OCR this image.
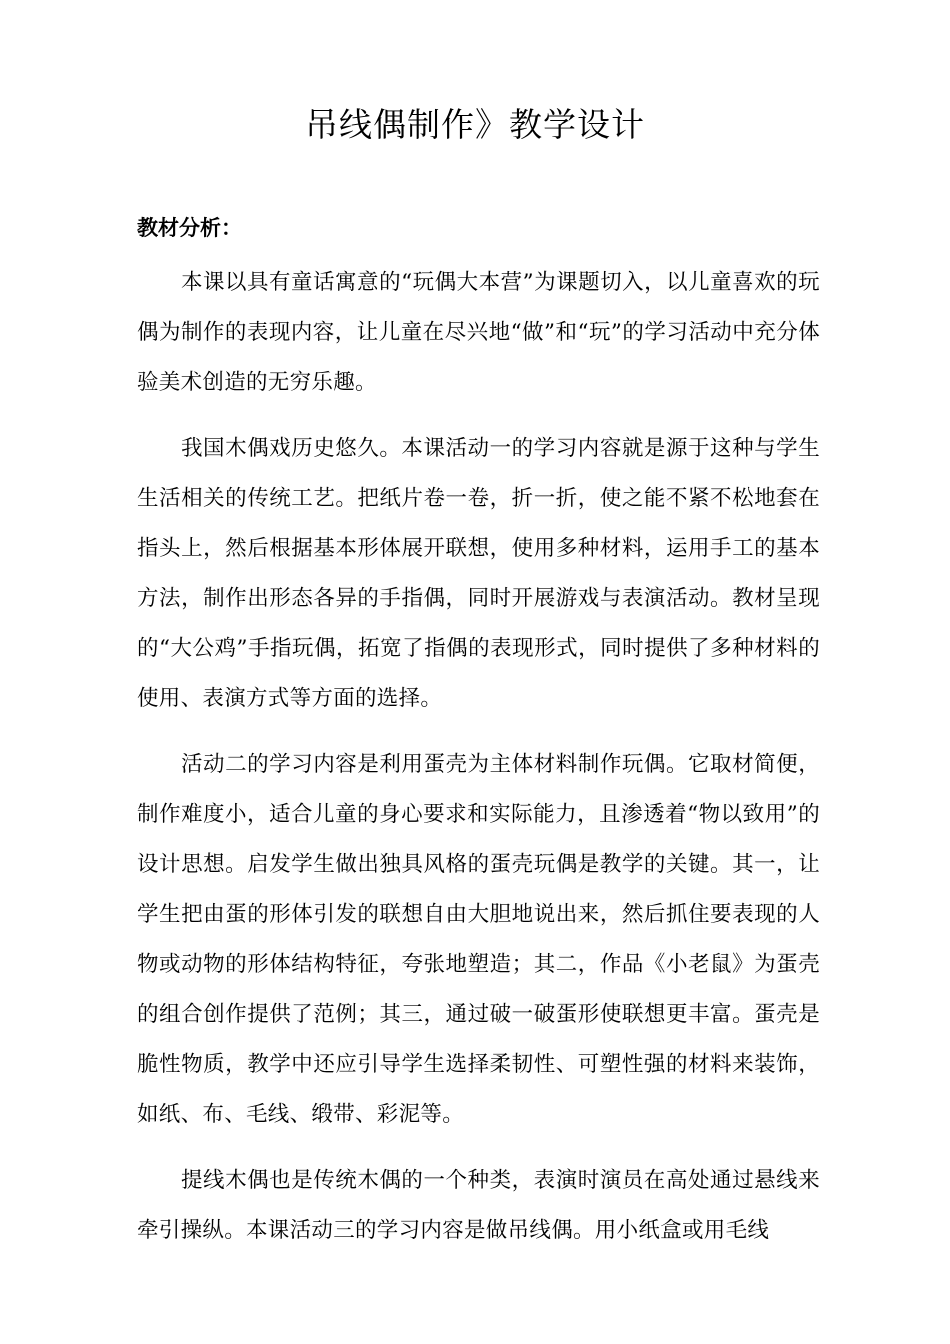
吊线偶制作》教学设计
教材分析：

本课以具有童话寓意的“玩偶大本营”为课题切入，以儿童喜欢的玩偶为制作的表现内容，让儿童在尽兴地“做”和“玩”的学习活动中充分体验美术创造的无穷乐趣。

我国木偶戏历史悠久。本课活动一的学习内容就是源于这种与学生生活相关的传统工艺。把纸片卷一卷，折一折，使之能不紧不松地套在指头上，然后根据基本形体展开联想，使用多种材料，运用手工的基本方法，制作出形态各异的手指偶，同时开展游戏与表演活动。教材呈现的“大公鸡”手指玩偶，拓宽了指偶的表现形式，同时提供了多种材料的使用、表演方式等方面的选择。

活动二的学习内容是利用蛋壳为主体材料制作玩偶。它取材简便，制作难度小，适合儿童的身心要求和实际能力，且渗透着“物以致用”的设计思想。启发学生做出独具风格的蛋壳玩偶是教学的关键。其一，让学生把由蛋的形体引发的联想自由大胆地说出来，然后抓住要表现的人物或动物的形体结构特征，夸张地塑造；其二，作品《小老鼠》为蛋壳的组合创作提供了范例；其三，通过破一破蛋形使联想更丰富。蛋壳是脆性物质，教学中还应引导学生选择柔韧性、可塑性强的材料来装饰，如纸、布、毛线、缎带、彩泥等。

提线木偶也是传统木偶的一个种类，表演时演员在高处通过悬线来牵引操纵。本课活动三的学习内容是做吊线偶。用小纸盒或用毛线
